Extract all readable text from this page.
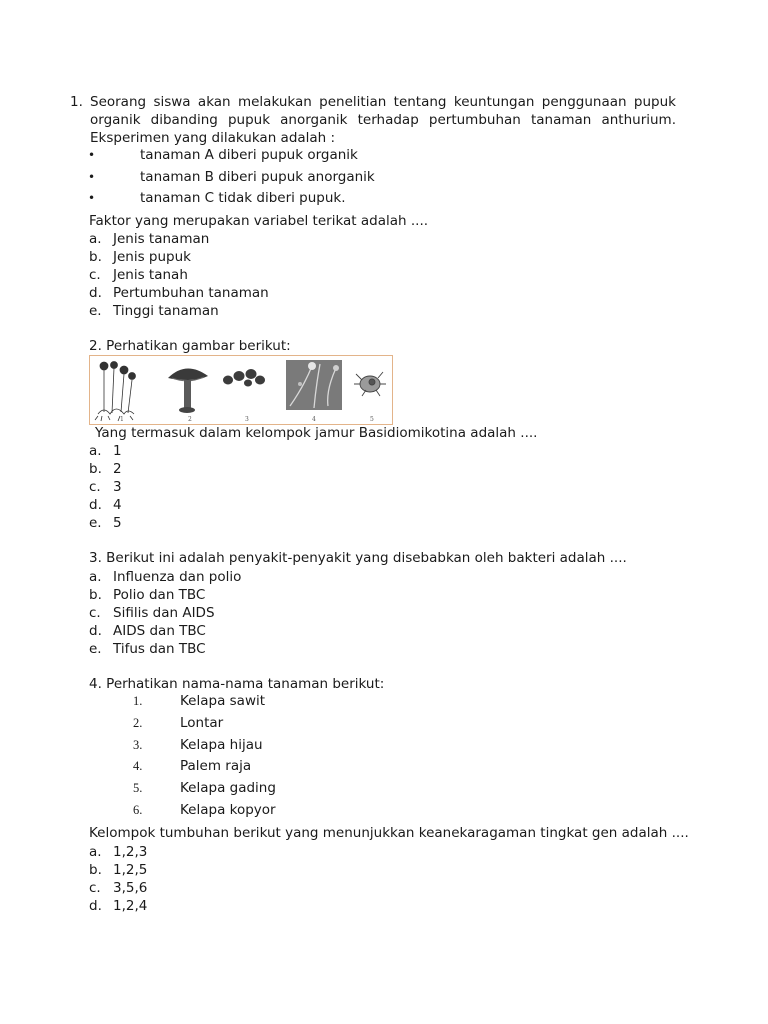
1. Seorang siswa akan melakukan penelitian tentang keuntungan penggunaan pupuk
organik dibanding pupuk anorganik terhadap pertumbuhan tanaman anthurium.
Eksperimen yang dilakukan adalah :
•	tanaman A diberi pupuk organik
•	tanaman B diberi pupuk anorganik
•	tanaman C tidak diberi pupuk.
Faktor yang merupakan variabel terikat adalah ....
a. Jenis tanaman
b. Jenis pupuk
c. Jenis tanah
d. Pertumbuhan tanaman
e. Tinggi tanaman
2. Perhatikan gambar berikut:
1	2	3	4	5
Yang termasuk dalam kelompok jamur Basidiomikotina adalah ....
a. 1
b. 2
c. 3
d. 4
e. 5
3. Berikut ini adalah penyakit-penyakit yang disebabkan oleh bakteri adalah ....
a. Influenza dan polio
b. Polio dan TBC
c. Sifilis dan AIDS
d. AIDS dan TBC
e. Tifus dan TBC
4. Perhatikan nama-nama tanaman berikut:
1.	Kelapa sawit
2.	Lontar
3.	Kelapa hijau
4.	Palem raja
5.	Kelapa gading
6.	Kelapa kopyor
Kelompok tumbuhan berikut yang menunjukkan keanekaragaman tingkat gen adalah ....
a. 1,2,3
b. 1,2,5
c. 3,5,6
d. 1,2,4
